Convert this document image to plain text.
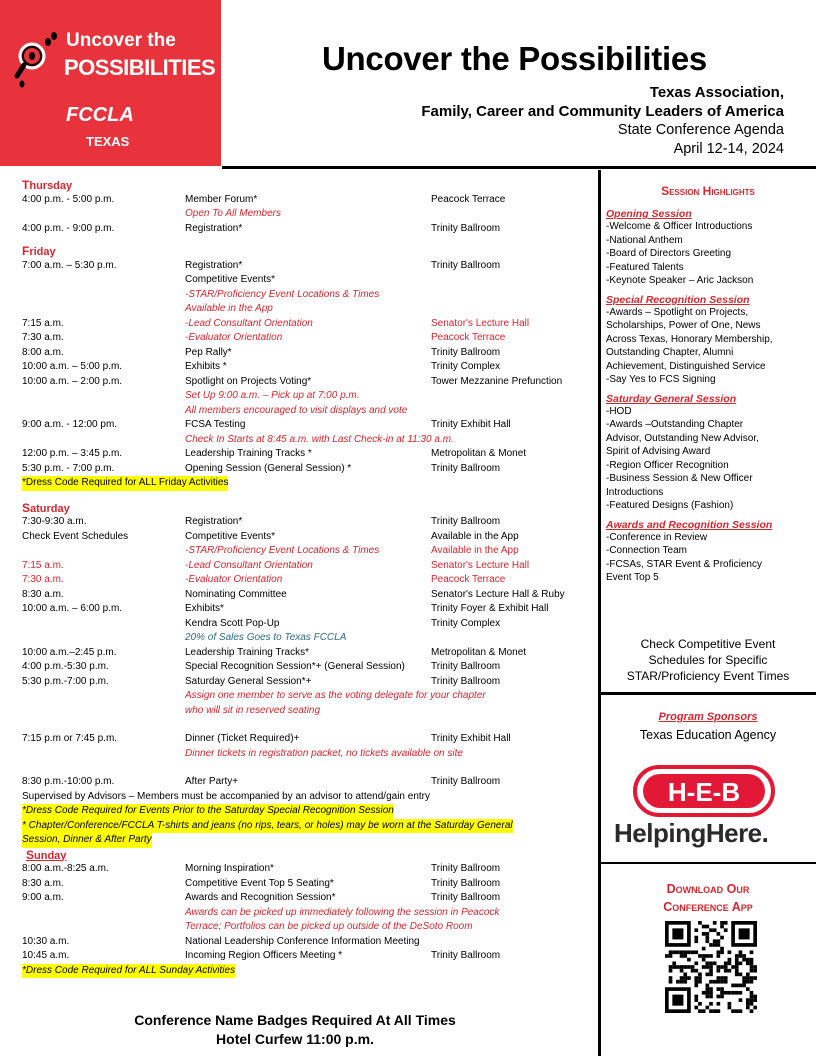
Uncover the
POSSIBILITIES
FCCLA
TEXAS
Uncover the Possibilities
Texas Association,
Family, Career and Community Leaders of America
State Conference Agenda
April 12-14, 2024
Thursday
4:00 p.m. - 5:00 p.m.	Member Forum*	Peacock Terrace
Open To All Members
4:00 p.m. - 9:00 p.m.	Registration*	Trinity Ballroom
Friday
7:00 a.m. – 5:30 p.m.	Registration*	Trinity Ballroom
Competitive Events*
-STAR/Proficiency Event Locations & Times
Available in the App
7:15 a.m.	-Lead Consultant Orientation	Senator's Lecture Hall
7:30 a.m.	-Evaluator Orientation	Peacock Terrace
8:00 a.m.	Pep Rally*	Trinity Ballroom
10:00 a.m. – 5:00 p.m.	Exhibits *	Trinity Complex
10:00 a.m. – 2:00 p.m.	Spotlight on Projects Voting*	Tower Mezzanine Prefunction
Set Up 9:00 a.m. – Pick up at 7:00 p.m.
All members encouraged to visit displays and vote
9:00 a.m. - 12:00 pm.	FCSA Testing	Trinity Exhibit Hall
Check In Starts at 8:45 a.m. with Last Check-in at 11:30 a.m.
12:00 p.m. – 3:45 p.m.	Leadership Training Tracks *	Metropolitan & Monet
5:30 p.m. - 7:00 p.m.	Opening Session (General Session) *	Trinity Ballroom
*Dress Code Required for ALL Friday Activities
Saturday
7:30-9:30 a.m.	Registration*	Trinity Ballroom
Check Event Schedules	Competitive Events*	Available in the App
-STAR/Proficiency Event Locations & Times	Available in the App
7:15 a.m.	-Lead Consultant Orientation	Senator's Lecture Hall
7:30 a.m.	-Evaluator Orientation	Peacock Terrace
8:30 a.m.	Nominating Committee	Senator's Lecture Hall & Ruby
10:00 a.m. – 6:00 p.m.	Exhibits*	Trinity Foyer & Exhibit Hall
Kendra Scott Pop-Up	Trinity Complex
20% of Sales Goes to Texas FCCLA
10:00 a.m.–2:45 p.m.	Leadership Training Tracks*	Metropolitan & Monet
4:00 p.m.-5:30 p.m.	Special Recognition Session*+ (General Session)	Trinity Ballroom
5:30 p.m.-7:00 p.m.	Saturday General Session*+	Trinity Ballroom
Assign one member to serve as the voting delegate for your chapter
who will sit in reserved seating
7:15 p.m or 7:45 p.m.	Dinner (Ticket Required)+	Trinity Exhibit Hall
Dinner tickets in registration packet, no tickets available on site
8:30 p.m.-10:00 p.m.	After Party+	Trinity Ballroom
Supervised by Advisors – Members must be accompanied by an advisor to attend/gain entry
*Dress Code Required for Events Prior to the Saturday Special Recognition Session
* Chapter/Conference/FCCLA T-shirts and jeans (no rips, tears, or holes) may be worn at the Saturday General
Session, Dinner & After Party
Sunday
8:00 a.m.-8:25 a.m.	Morning Inspiration*	Trinity Ballroom
8:30 a.m.	Competitive Event Top 5 Seating*	Trinity Ballroom
9:00 a.m.	Awards and Recognition Session*	Trinity Ballroom
Awards can be picked up immediately following the session in Peacock
Terrace; Portfolios can be picked up outside of the DeSoto Room
10:30 a.m.	National Leadership Conference Information Meeting
10:45 a.m.	Incoming Region Officers Meeting *	Trinity Ballroom
*Dress Code Required for ALL Sunday Activities
Conference Name Badges Required At All Times
Hotel Curfew 11:00 p.m.
Session Highlights
Opening Session
-Welcome & Officer Introductions
-National Anthem
-Board of Directors Greeting
-Featured Talents
-Keynote Speaker – Aric Jackson
Special Recognition Session
-Awards – Spotlight on Projects,
Scholarships, Power of One, News
Across Texas, Honorary Membership,
Outstanding Chapter, Alumni
Achievement, Distinguished Service
-Say Yes to FCS Signing
Saturday General Session
-HOD
-Awards –Outstanding Chapter
Advisor, Outstanding New Advisor,
Spirit of Advising Award
-Region Officer Recognition
-Business Session & New Officer
Introductions
-Featured Designs (Fashion)
Awards and Recognition Session
-Conference in Review
-Connection Team
-FCSAs, STAR Event & Proficiency
Event Top 5
Check Competitive Event
Schedules for Specific
STAR/Proficiency Event Times
Program Sponsors
Texas Education Agency
H-E-B
HelpingHere.
Download Our
Conference App
